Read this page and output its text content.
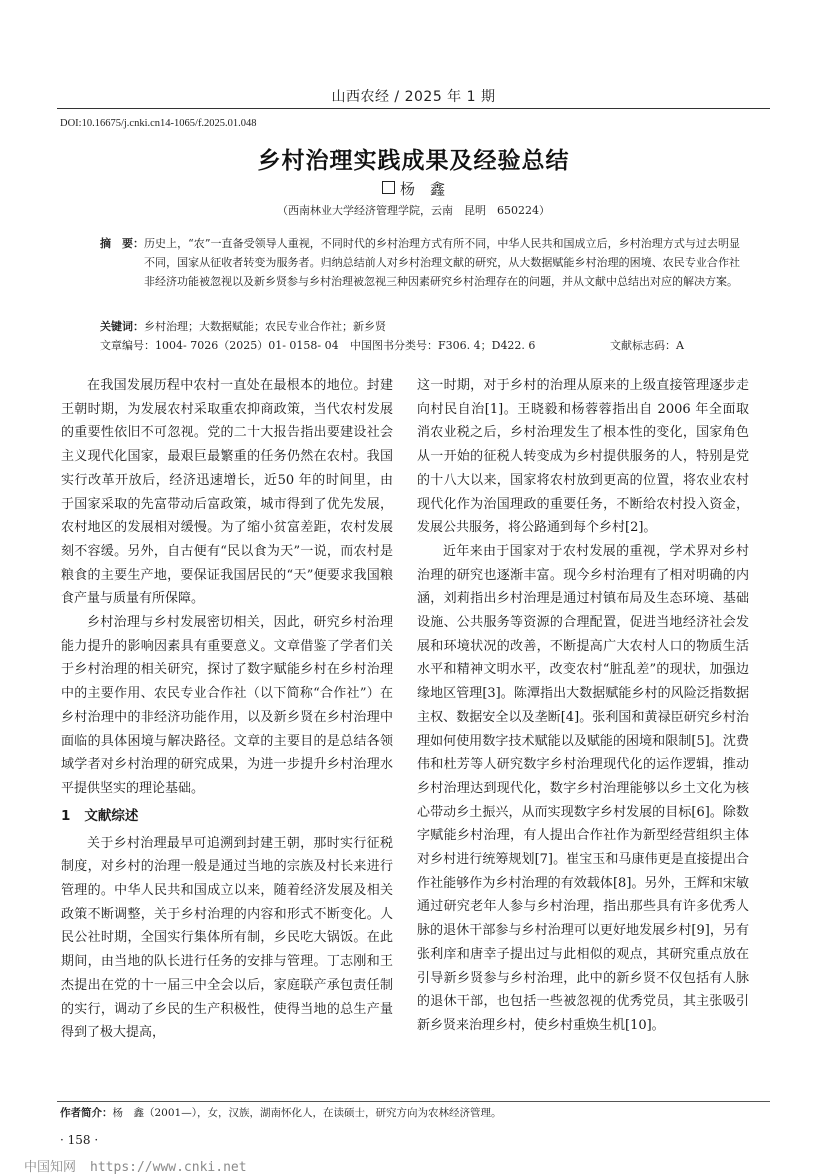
山西农经 / 2025 年 1 期
DOI:10.16675/j.cnki.cn14-1065/f.2025.01.048
乡村治理实践成果及经验总结
杨　鑫
（西南林业大学经济管理学院，云南　昆明　650224）
摘　要： 历史上，“农”一直备受领导人重视，不同时代的乡村治理方式有所不同，中华人民共和国成立后，乡村治理方式与过去明显不同，国家从征收者转变为服务者。归纳总结前人对乡村治理文献的研究，从大数据赋能乡村治理的困境、农民专业合作社非经济功能被忽视以及新乡贤参与乡村治理被忽视三种因素研究乡村治理存在的问题，并从文献中总结出对应的解决方案。
关键词：乡村治理；大数据赋能；农民专业合作社；新乡贤
文章编号：1004- 7026（2025）01- 0158- 04 中国图书分类号：F306. 4；D422. 6	文献标志码：A

在我国发展历程中农村一直处在最根本的地位。封建王朝时期，为发展农村采取重农抑商政策，当代农村发展的重要性依旧不可忽视。党的二十大报告指出要建设社会主义现代化国家，最艰巨最繁重的任务仍然在农村。我国实行改革开放后，经济迅速增长，近50 年的时间里，由于国家采取的先富带动后富政策，城市得到了优先发展，农村地区的发展相对缓慢。为了缩小贫富差距，农村发展刻不容缓。另外，自古便有“民以食为天”一说，而农村是粮食的主要生产地，要保证我国居民的“天”便要求我国粮食产量与质量有所保障。

乡村治理与乡村发展密切相关，因此，研究乡村治理能力提升的影响因素具有重要意义。文章借鉴了学者们关于乡村治理的相关研究，探讨了数字赋能乡村在乡村治理中的主要作用、农民专业合作社（以下简称“合作社”）在乡村治理中的非经济功能作用，以及新乡贤在乡村治理中面临的具体困境与解决路径。文章的主要目的是总结各领域学者对乡村治理的研究成果，为进一步提升乡村治理水平提供坚实的理论基础。

1 文献综述

关于乡村治理最早可追溯到封建王朝，那时实行征税制度，对乡村的治理一般是通过当地的宗族及村长来进行管理的。中华人民共和国成立以来，随着经济发展及相关政策不断调整，关于乡村治理的内容和形式不断变化。人民公社时期，全国实行集体所有制，乡民吃大锅饭。在此期间，由当地的队长进行任务的安排与管理。丁志刚和王杰提出在党的十一届三中全会以后，家庭联产承包责任制的实行，调动了乡民的生产积极性，使得当地的总生产量得到了极大提高，

这一时期，对于乡村的治理从原来的上级直接管理逐步走向村民自治[1]。王晓毅和杨蓉蓉指出自 2006 年全面取消农业税之后，乡村治理发生了根本性的变化，国家角色从一开始的征税人转变成为乡村提供服务的人，特别是党的十八大以来，国家将农村放到更高的位置，将农业农村现代化作为治国理政的重要任务，不断给农村投入资金，发展公共服务，将公路通到每个乡村[2]。

近年来由于国家对于农村发展的重视，学术界对乡村治理的研究也逐渐丰富。现今乡村治理有了相对明确的内涵，刘莉指出乡村治理是通过村镇布局及生态环境、基础设施、公共服务等资源的合理配置，促进当地经济社会发展和环境状况的改善，不断提高广大农村人口的物质生活水平和精神文明水平，改变农村“脏乱差”的现状，加强边缘地区管理[3]。陈潭指出大数据赋能乡村的风险泛指数据主权、数据安全以及垄断[4]。张利国和黄禄臣研究乡村治理如何使用数字技术赋能以及赋能的困境和限制[5]。沈费伟和杜芳等人研究数字乡村治理现代化的运作逻辑，推动乡村治理达到现代化，数字乡村治理能够以乡土文化为核心带动乡土振兴，从而实现数字乡村发展的目标[6]。除数字赋能乡村治理，有人提出合作社作为新型经营组织主体对乡村进行统筹规划[7]。崔宝玉和马康伟更是直接提出合作社能够作为乡村治理的有效载体[8]。另外，王辉和宋敏通过研究老年人参与乡村治理，指出那些具有许多优秀人脉的退休干部参与乡村治理可以更好地发展乡村[9]，另有张利庠和唐幸子提出过与此相似的观点，其研究重点放在引导新乡贤参与乡村治理，此中的新乡贤不仅包括有人脉的退休干部，也包括一些被忽视的优秀党员，其主张吸引新乡贤来治理乡村，使乡村重焕生机[10]。

作者简介：杨　鑫（2001—），女，汉族，湖南怀化人，在读硕士，研究方向为农林经济管理。
· 158 ·
中国知网 https://www.cnki.net
